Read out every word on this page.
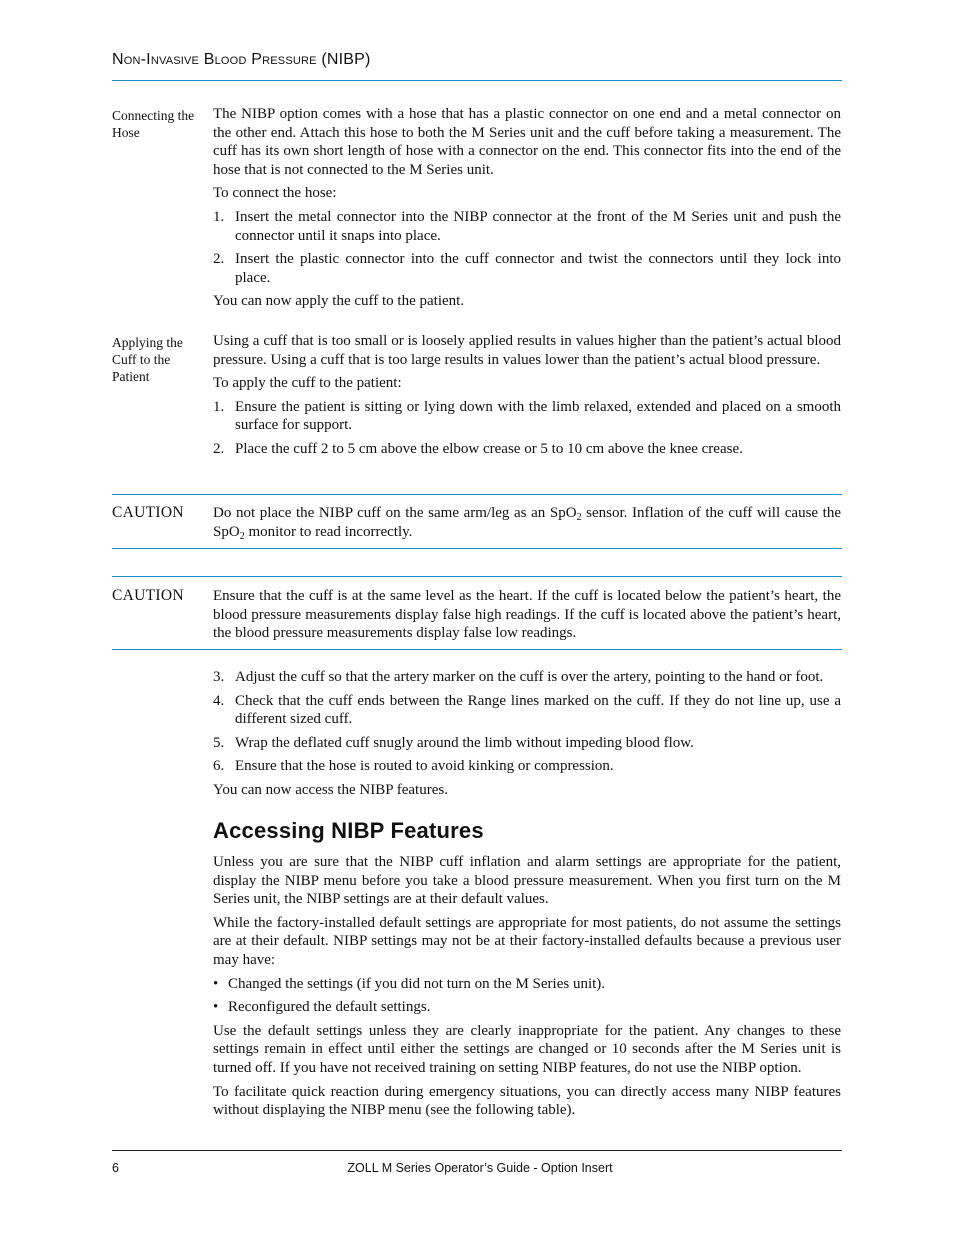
Non-Invasive Blood Pressure (NIBP)
Connecting the Hose

The NIBP option comes with a hose that has a plastic connector on one end and a metal connector on the other end. Attach this hose to both the M Series unit and the cuff before taking a measurement. The cuff has its own short length of hose with a connector on the end. This connector fits into the end of the hose that is not connected to the M Series unit.

To connect the hose:

1. Insert the metal connector into the NIBP connector at the front of the M Series unit and push the connector until it snaps into place.
2. Insert the plastic connector into the cuff connector and twist the connectors until they lock into place.

You can now apply the cuff to the patient.

Applying the Cuff to the Patient

Using a cuff that is too small or is loosely applied results in values higher than the patient’s actual blood pressure. Using a cuff that is too large results in values lower than the patient’s actual blood pressure.

To apply the cuff to the patient:

1. Ensure the patient is sitting or lying down with the limb relaxed, extended and placed on a smooth surface for support.
2. Place the cuff 2 to 5 cm above the elbow crease or 5 to 10 cm above the knee crease.
CAUTION Do not place the NIBP cuff on the same arm/leg as an SpO$_2$ sensor. Inflation of the cuff will cause the SpO$_2$ monitor to read incorrectly.
CAUTION Ensure that the cuff is at the same level as the heart. If the cuff is located below the patient’s heart, the blood pressure measurements display false high readings. If the cuff is located above the patient’s heart, the blood pressure measurements display false low readings.
3. Adjust the cuff so that the artery marker on the cuff is over the artery, pointing to the hand or foot.
4. Check that the cuff ends between the Range lines marked on the cuff. If they do not line up, use a different sized cuff.
5. Wrap the deflated cuff snugly around the limb without impeding blood flow.
6. Ensure that the hose is routed to avoid kinking or compression.

You can now access the NIBP features.

Accessing NIBP Features

Unless you are sure that the NIBP cuff inflation and alarm settings are appropriate for the patient, display the NIBP menu before you take a blood pressure measurement. When you first turn on the M Series unit, the NIBP settings are at their default values.

While the factory-installed default settings are appropriate for most patients, do not assume the settings are at their default. NIBP settings may not be at their factory-installed defaults because a previous user may have:

• Changed the settings (if you did not turn on the M Series unit).
• Reconfigured the default settings.

Use the default settings unless they are clearly inappropriate for the patient. Any changes to these settings remain in effect until either the settings are changed or 10 seconds after the M Series unit is turned off. If you have not received training on setting NIBP features, do not use the NIBP option.

To facilitate quick reaction during emergency situations, you can directly access many NIBP features without displaying the NIBP menu (see the following table).

6	ZOLL M Series Operator’s Guide - Option Insert
